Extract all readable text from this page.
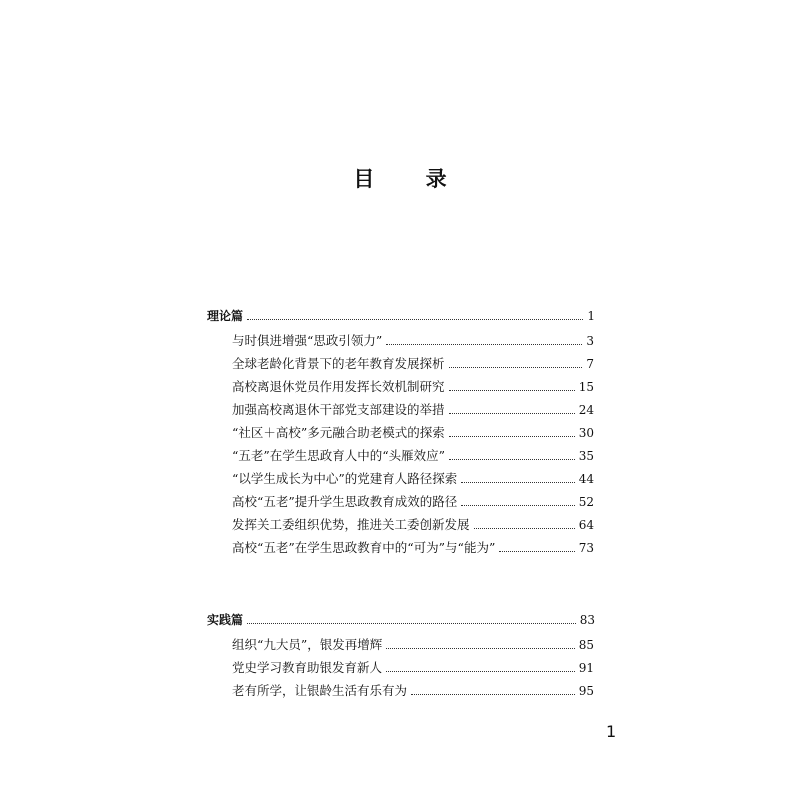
目 录
理论篇	1
与时俱进增强“思政引领力”	3
全球老龄化背景下的老年教育发展探析	7
高校离退休党员作用发挥长效机制研究	15
加强高校离退休干部党支部建设的举措	24
“社区＋高校”多元融合助老模式的探索	30
“五老”在学生思政育人中的“头雁效应”	35
“以学生成长为中心”的党建育人路径探索	44
高校“五老”提升学生思政教育成效的路径	52
发挥关工委组织优势，推进关工委创新发展	64
高校“五老”在学生思政教育中的“可为”与“能为”	73
实践篇	83
组织“九大员”，银发再增辉	85
党史学习教育助银发育新人	91
老有所学，让银龄生活有乐有为	95
1
